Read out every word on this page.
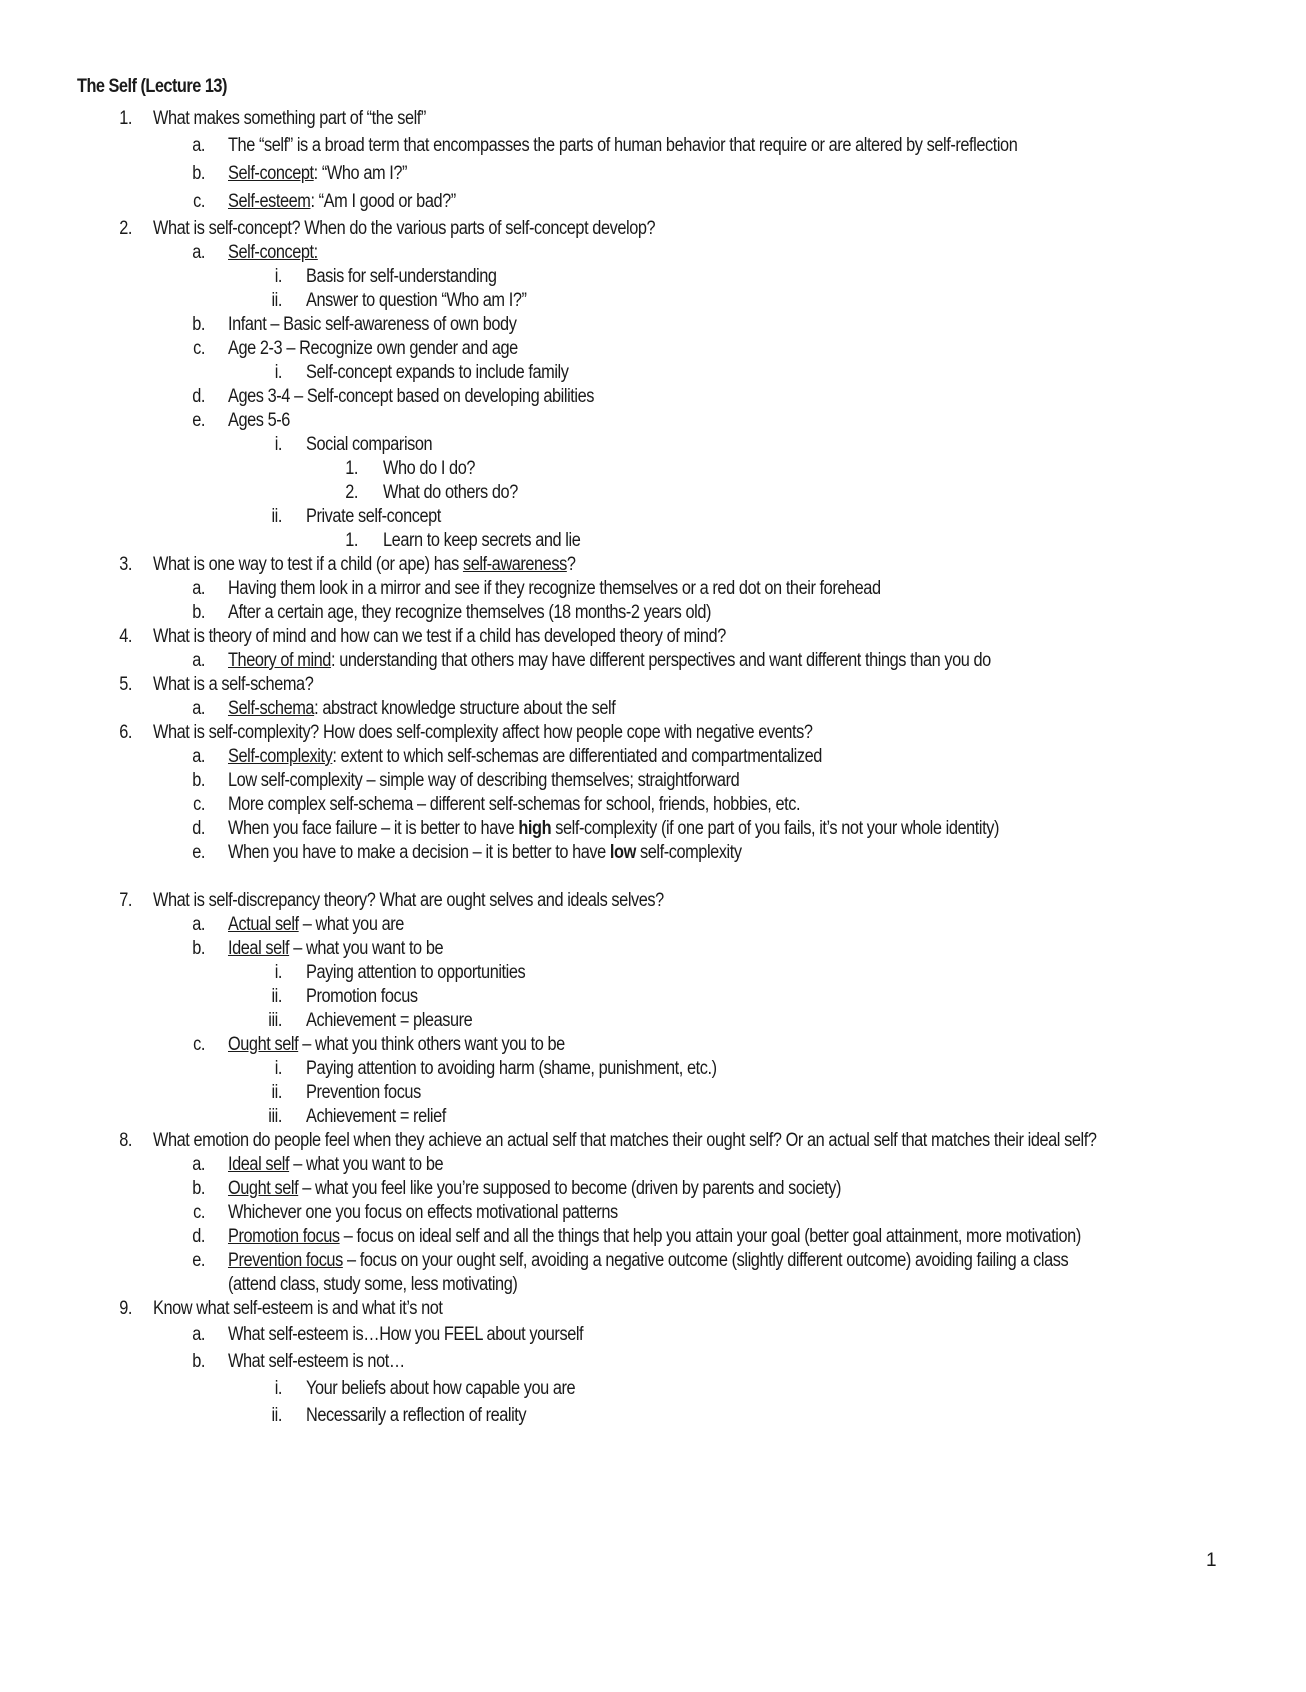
The Self (Lecture 13)
1. What makes something part of “the self”
a. The “self” is a broad term that encompasses the parts of human behavior that require or are altered by self-reflection
b. Self-concept: “Who am I?”
c. Self-esteem: “Am I good or bad?”
2. What is self-concept? When do the various parts of self-concept develop?
a. Self-concept:
i. Basis for self-understanding
ii. Answer to question “Who am I?”
b. Infant – Basic self-awareness of own body
c. Age 2-3 – Recognize own gender and age
i. Self-concept expands to include family
d. Ages 3-4 – Self-concept based on developing abilities
e. Ages 5-6
i. Social comparison
1. Who do I do?
2. What do others do?
ii. Private self-concept
1. Learn to keep secrets and lie
3. What is one way to test if a child (or ape) has self-awareness?
a. Having them look in a mirror and see if they recognize themselves or a red dot on their forehead
b. After a certain age, they recognize themselves (18 months-2 years old)
4. What is theory of mind and how can we test if a child has developed theory of mind?
a. Theory of mind: understanding that others may have different perspectives and want different things than you do
5. What is a self-schema?
a. Self-schema: abstract knowledge structure about the self
6. What is self-complexity? How does self-complexity affect how people cope with negative events?
a. Self-complexity: extent to which self-schemas are differentiated and compartmentalized
b. Low self-complexity – simple way of describing themselves; straightforward
c. More complex self-schema – different self-schemas for school, friends, hobbies, etc.
d. When you face failure – it is better to have high self-complexity (if one part of you fails, it’s not your whole identity)
e. When you have to make a decision – it is better to have low self-complexity
7. What is self-discrepancy theory? What are ought selves and ideals selves?
a. Actual self – what you are
b. Ideal self – what you want to be
i. Paying attention to opportunities
ii. Promotion focus
iii. Achievement = pleasure
c. Ought self – what you think others want you to be
i. Paying attention to avoiding harm (shame, punishment, etc.)
ii. Prevention focus
iii. Achievement = relief
8. What emotion do people feel when they achieve an actual self that matches their ought self? Or an actual self that matches their ideal self?
a. Ideal self – what you want to be
b. Ought self – what you feel like you’re supposed to become (driven by parents and society)
c. Whichever one you focus on effects motivational patterns
d. Promotion focus – focus on ideal self and all the things that help you attain your goal (better goal attainment, more motivation)
e. Prevention focus – focus on your ought self, avoiding a negative outcome (slightly different outcome) avoiding failing a class
(attend class, study some, less motivating)
9. Know what self-esteem is and what it’s not
a. What self-esteem is…How you FEEL about yourself
b. What self-esteem is not…
i. Your beliefs about how capable you are
ii. Necessarily a reflection of reality
1
